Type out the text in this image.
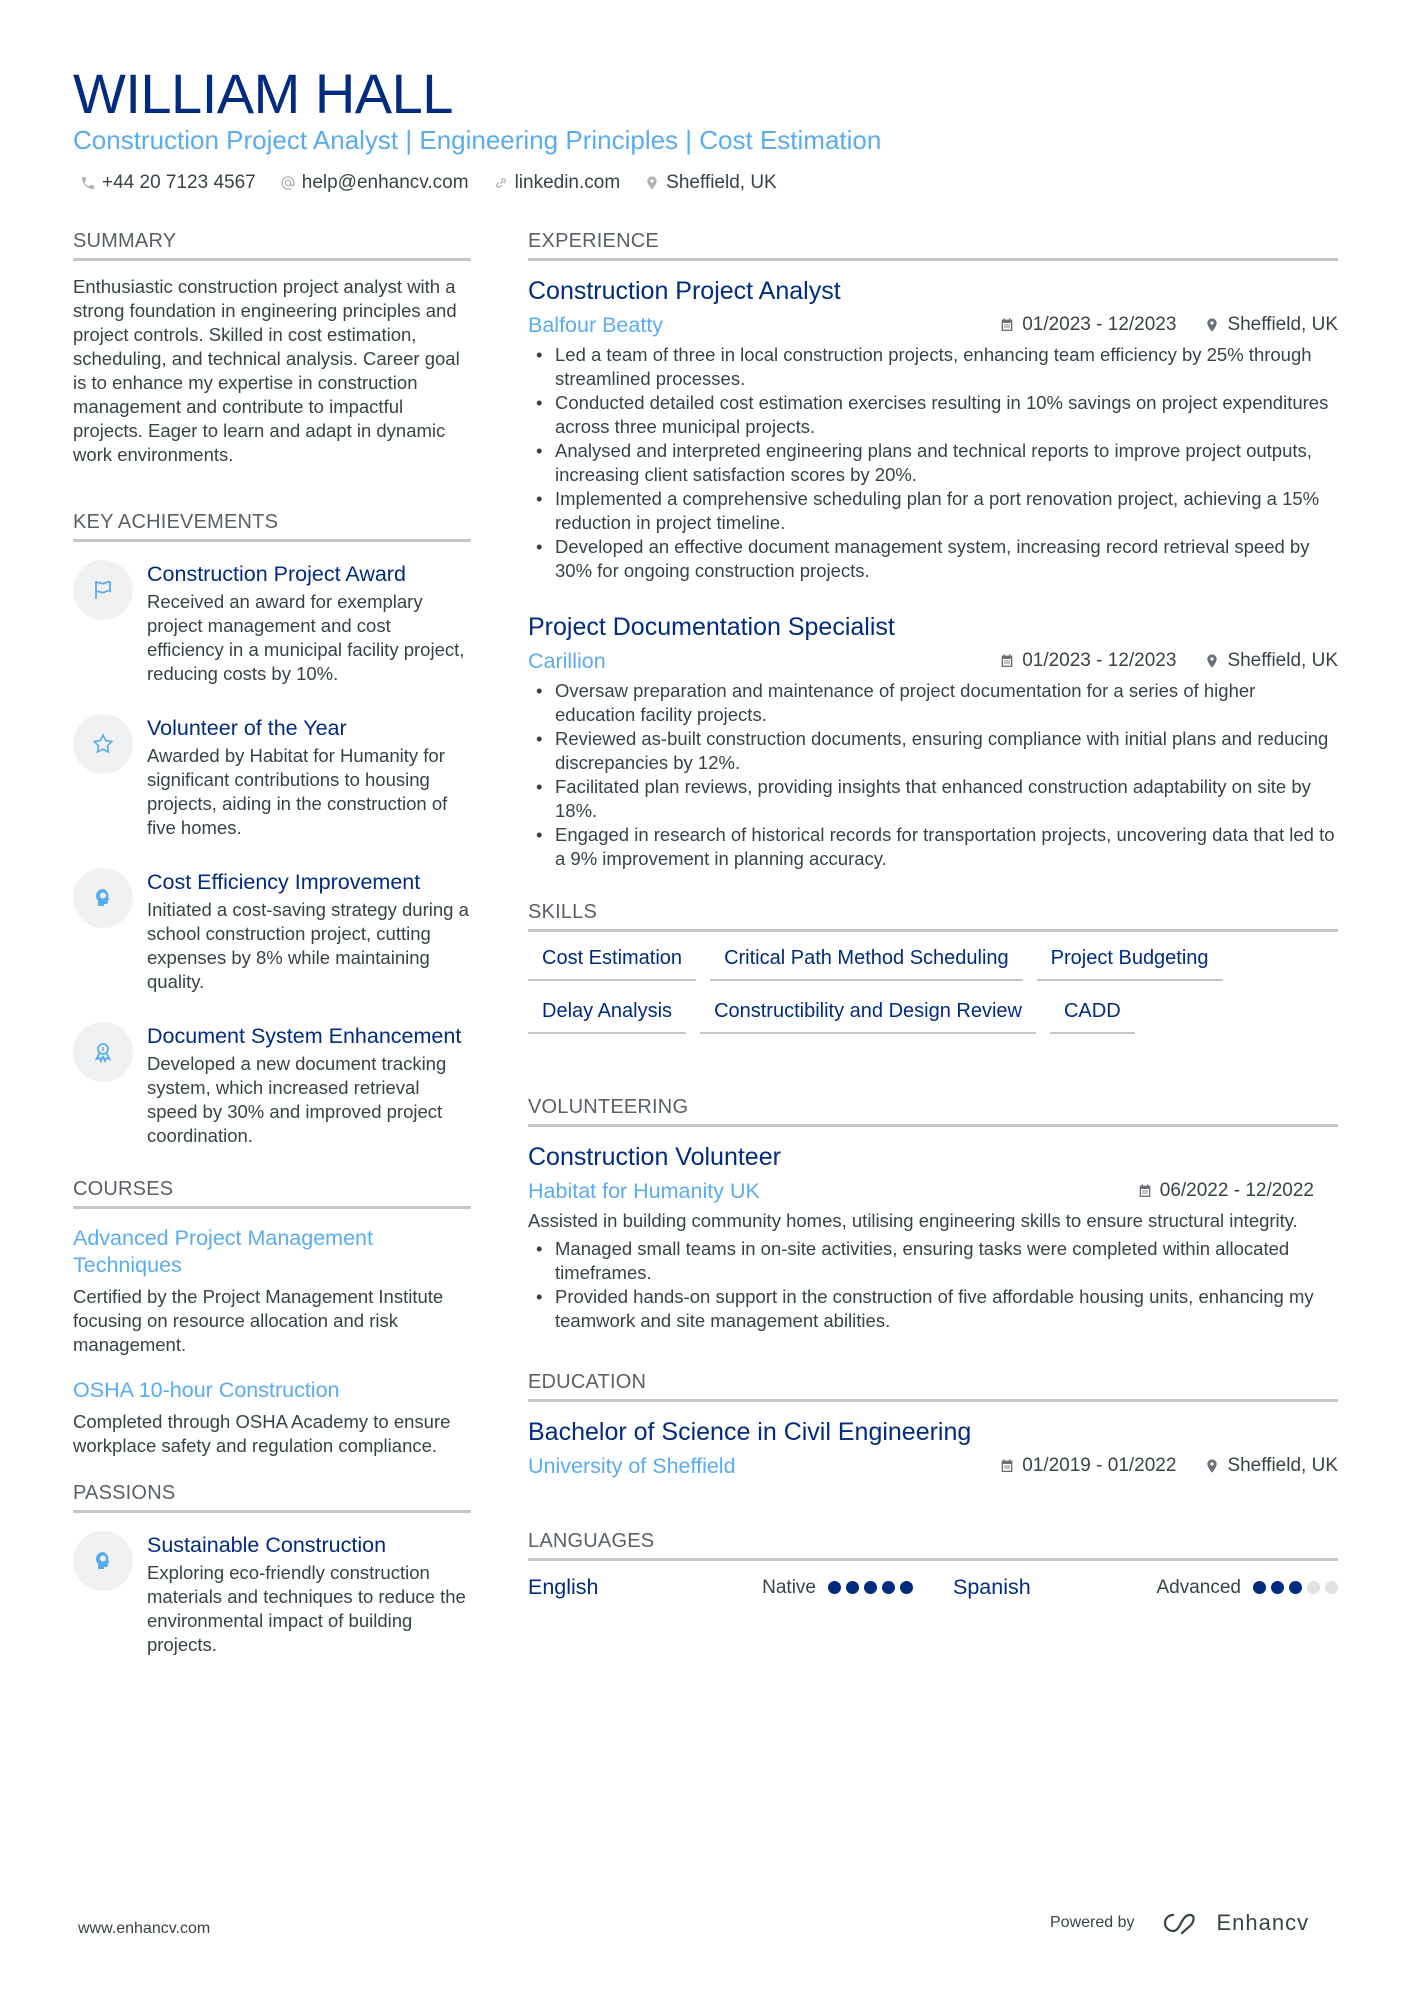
WILLIAM HALL
Construction Project Analyst | Engineering Principles | Cost Estimation
+44 20 7123 4567 help@enhancv.com linkedin.com Sheffield, UK
SUMMARY

Enthusiastic construction project analyst with a strong foundation in engineering principles and project controls. Skilled in cost estimation, scheduling, and technical analysis. Career goal is to enhance my expertise in construction management and contribute to impactful projects. Eager to learn and adapt in dynamic work environments.

KEY ACHIEVEMENTS
Construction Project Award
Received an award for exemplary project management and cost efficiency in a municipal facility project, reducing costs by 10%.
Volunteer of the Year
Awarded by Habitat for Humanity for significant contributions to housing projects, aiding in the construction of five homes.
Cost Efficiency Improvement
Initiated a cost-saving strategy during a school construction project, cutting expenses by 8% while maintaining quality.
Document System Enhancement
Developed a new document tracking system, which increased retrieval speed by 30% and improved project coordination.
COURSES
Advanced Project Management Techniques
Certified by the Project Management Institute focusing on resource allocation and risk management.
OSHA 10-hour Construction
Completed through OSHA Academy to ensure workplace safety and regulation compliance.
PASSIONS
Sustainable Construction
Exploring eco-friendly construction materials and techniques to reduce the environmental impact of building projects.
EXPERIENCE
Construction Project Analyst
Balfour Beatty	01/2023 - 12/2023	Sheffield, UK
• Led a team of three in local construction projects, enhancing team efficiency by 25% through streamlined processes.
• Conducted detailed cost estimation exercises resulting in 10% savings on project expenditures across three municipal projects.
• Analysed and interpreted engineering plans and technical reports to improve project outputs, increasing client satisfaction scores by 20%.
• Implemented a comprehensive scheduling plan for a port renovation project, achieving a 15% reduction in project timeline.
• Developed an effective document management system, increasing record retrieval speed by 30% for ongoing construction projects.
Project Documentation Specialist
Carillion	01/2023 - 12/2023	Sheffield, UK
• Oversaw preparation and maintenance of project documentation for a series of higher education facility projects.
• Reviewed as-built construction documents, ensuring compliance with initial plans and reducing discrepancies by 12%.
• Facilitated plan reviews, providing insights that enhanced construction adaptability on site by 18%.
• Engaged in research of historical records for transportation projects, uncovering data that led to a 9% improvement in planning accuracy.
SKILLS
Cost Estimation	Critical Path Method Scheduling	Project Budgeting
Delay Analysis	Constructibility and Design Review	CADD
VOLUNTEERING
Construction Volunteer
Habitat for Humanity UK	06/2022 - 12/2022

Assisted in building community homes, utilising engineering skills to ensure structural integrity.

• Managed small teams in on-site activities, ensuring tasks were completed within allocated timeframes.
• Provided hands-on support in the construction of five affordable housing units, enhancing my teamwork and site management abilities.
EDUCATION
Bachelor of Science in Civil Engineering
University of Sheffield	01/2019 - 01/2022	Sheffield, UK
LANGUAGES
English	Native	Spanish	Advanced
www.enhancv.com	Powered by	Enhancv
